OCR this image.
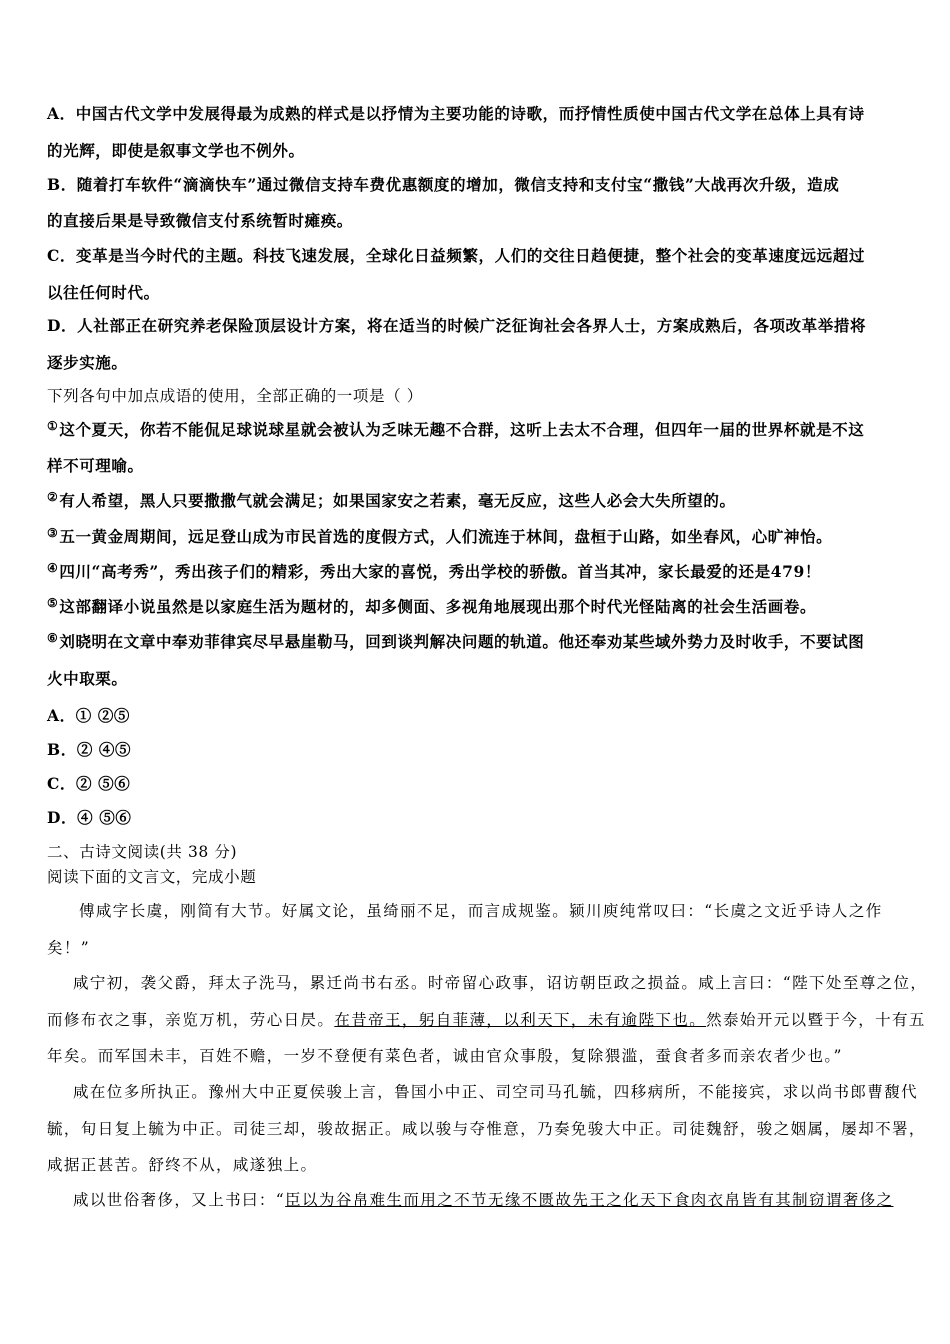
A．中国古代文学中发展得最为成熟的样式是以抒情为主要功能的诗歌，而抒情性质使中国古代文学在总体上具有诗
的光辉，即使是叙事文学也不例外。
B．随着打车软件“滴滴快车”通过微信支持车费优惠额度的增加，微信支持和支付宝“撒钱”大战再次升级，造成
的直接后果是导致微信支付系统暂时瘫痪。
C．变革是当今时代的主题。科技飞速发展，全球化日益频繁，人们的交往日趋便捷，整个社会的变革速度远远超过
以往任何时代。
D．人社部正在研究养老保险顶层设计方案，将在适当的时候广泛征询社会各界人士，方案成熟后，各项改革举措将
逐步实施。
下列各句中加点成语的使用，全部正确的一项是（ ）
①这个夏天，你若不能侃足球说球星就会被认为乏味无趣不合群，这听上去太不合理，但四年一届的世界杯就是不这
样不可理喻。
②有人希望，黑人只要撒撒气就会满足；如果国家安之若素，毫无反应，这些人必会大失所望的。
③五一黄金周期间，远足登山成为市民首选的度假方式，人们流连于林间，盘桓于山路，如坐春风，心旷神怡。
④四川“高考秀”，秀出孩子们的精彩，秀出大家的喜悦，秀出学校的骄傲。首当其冲，家长最爱的还是479！
⑤这部翻译小说虽然是以家庭生活为题材的，却多侧面、多视角地展现出那个时代光怪陆离的社会生活画卷。
⑥刘晓明在文章中奉劝菲律宾尽早悬崖勒马，回到谈判解决问题的轨道。他还奉劝某些域外势力及时收手，不要试图
火中取栗。
A．① ②⑤
B．② ④⑤
C．② ⑤⑥
D．④ ⑤⑥
二、古诗文阅读(共 38 分)
阅读下面的文言文，完成小题
傅咸字长虞，刚简有大节。好属文论，虽绮丽不足，而言成规鉴。颍川庾纯常叹曰：“长虞之文近乎诗人之作
矣！”
咸宁初，袭父爵，拜太子洗马，累迁尚书右丞。时帝留心政事，诏访朝臣政之损益。咸上言曰：“陛下处至尊之位，
而修布衣之事，亲览万机，劳心日昃。在昔帝王，躬自菲薄，以利天下，未有逾陛下也。然泰始开元以暨于今，十有五
年矣。而军国未丰，百姓不赡，一岁不登便有菜色者，诚由官众事殷，复除猥滥，蚕食者多而亲农者少也。”
咸在位多所执正。豫州大中正夏侯骏上言，鲁国小中正、司空司马孔毓，四移病所，不能接宾，求以尚书郎曹馥代
毓，旬日复上毓为中正。司徒三却，骏故据正。咸以骏与夺惟意，乃奏免骏大中正。司徒魏舒，骏之姻属，屡却不署，
咸据正甚苦。舒终不从，咸遂独上。
咸以世俗奢侈，又上书曰：“臣以为谷帛难生而用之不节无缘不匮故先王之化天下食肉衣帛皆有其制窃谓奢侈之
